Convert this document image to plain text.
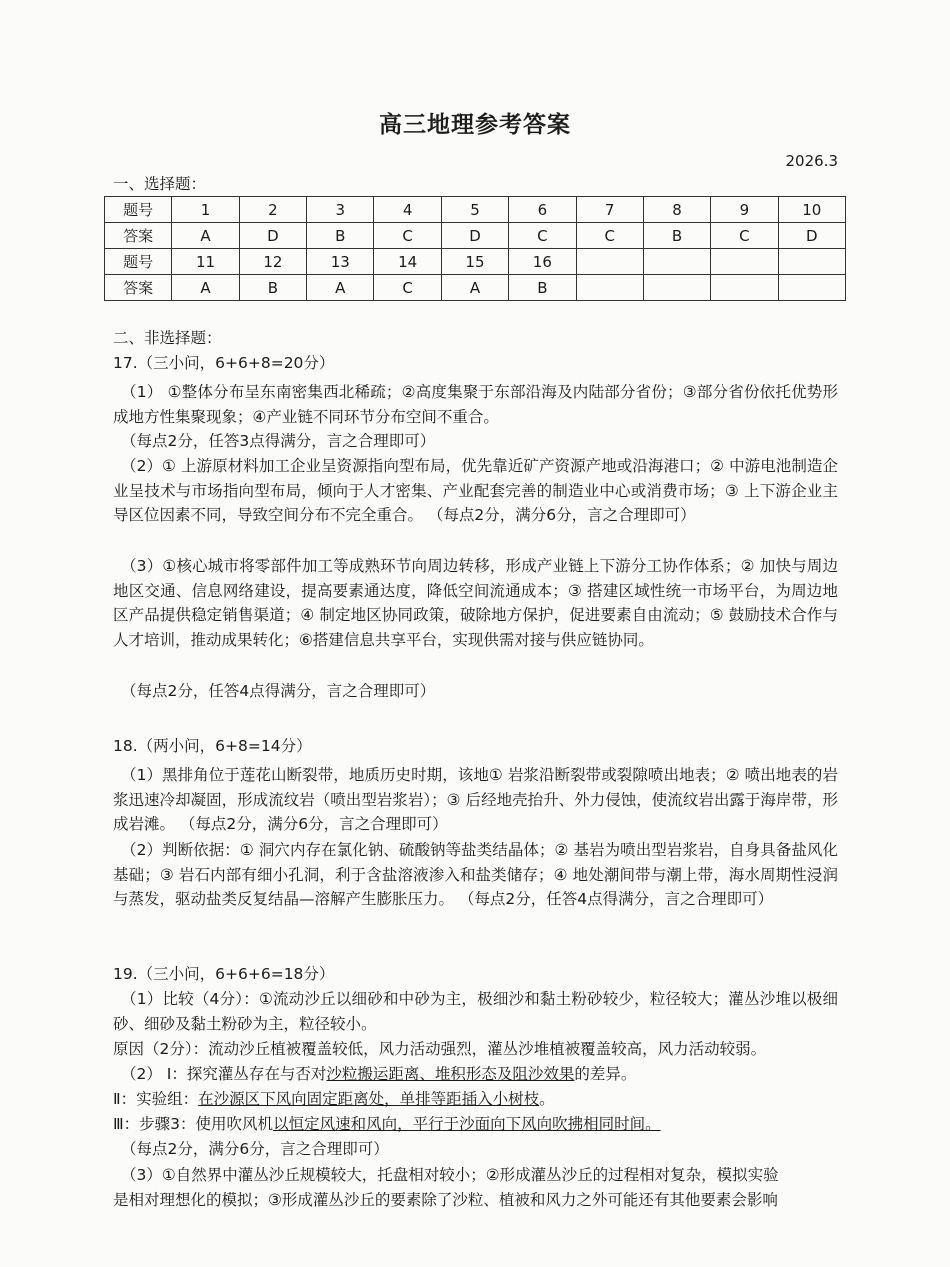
高三地理参考答案
2026.3
一、选择题：
题号	1	2	3	4	5	6	7	8	9	10
答案	A	D	B	C	D	C	C	B	C	D
题号	11	12	13	14	15	16				
答案	A	B	A	C	A	B				
二、非选择题：
17.（三小问，6+6+8=20分）
（1） ①整体分布呈东南密集西北稀疏；②高度集聚于东部沿海及内陆部分省份；③部分省份依托优势形成地方性集聚现象；④产业链不同环节分布空间不重合。
（每点2分，任答3点得满分，言之合理即可）
（2）① 上游原材料加工企业呈资源指向型布局，优先靠近矿产资源产地或沿海港口；② 中游电池制造企业呈技术与市场指向型布局，倾向于人才密集、产业配套完善的制造业中心或消费市场；③ 上下游企业主导区位因素不同，导致空间分布不完全重合。 （每点2分，满分6分，言之合理即可）
（3）①核心城市将零部件加工等成熟环节向周边转移，形成产业链上下游分工协作体系；② 加快与周边地区交通、信息网络建设，提高要素通达度，降低空间流通成本；③ 搭建区域性统一市场平台，为周边地区产品提供稳定销售渠道；④ 制定地区协同政策，破除地方保护，促进要素自由流动；⑤ 鼓励技术合作与人才培训，推动成果转化；⑥搭建信息共享平台，实现供需对接与供应链协同。
（每点2分，任答4点得满分，言之合理即可）
18.（两小问，6+8=14分）
（1）黑排角位于莲花山断裂带，地质历史时期，该地① 岩浆沿断裂带或裂隙喷出地表；② 喷出地表的岩浆迅速冷却凝固，形成流纹岩（喷出型岩浆岩）；③ 后经地壳抬升、外力侵蚀，使流纹岩出露于海岸带，形成岩滩。 （每点2分，满分6分，言之合理即可）
（2）判断依据：① 洞穴内存在氯化钠、硫酸钠等盐类结晶体；② 基岩为喷出型岩浆岩，自身具备盐风化基础；③ 岩石内部有细小孔洞，利于含盐溶液渗入和盐类储存；④ 地处潮间带与潮上带，海水周期性浸润与蒸发，驱动盐类反复结晶—溶解产生膨胀压力。 （每点2分，任答4点得满分，言之合理即可）
19.（三小问，6+6+6=18分）
（1）比较（4分）：①流动沙丘以细砂和中砂为主，极细沙和黏土粉砂较少，粒径较大；灌丛沙堆以极细砂、细砂及黏土粉砂为主，粒径较小。
原因（2分）：流动沙丘植被覆盖较低，风力活动强烈，灌丛沙堆植被覆盖较高，风力活动较弱。
（2） Ⅰ：探究灌丛存在与否对沙粒搬运距离、堆积形态及阻沙效果的差异。
Ⅱ：实验组：在沙源区下风向固定距离处，单排等距插入小树枝。
Ⅲ：步骤3：使用吹风机以恒定风速和风向，平行于沙面向下风向吹拂相同时间。
（每点2分，满分6分，言之合理即可）
（3）①自然界中灌丛沙丘规模较大，托盘相对较小；②形成灌丛沙丘的过程相对复杂，模拟实验
是相对理想化的模拟；③形成灌丛沙丘的要素除了沙粒、植被和风力之外可能还有其他要素会影响
